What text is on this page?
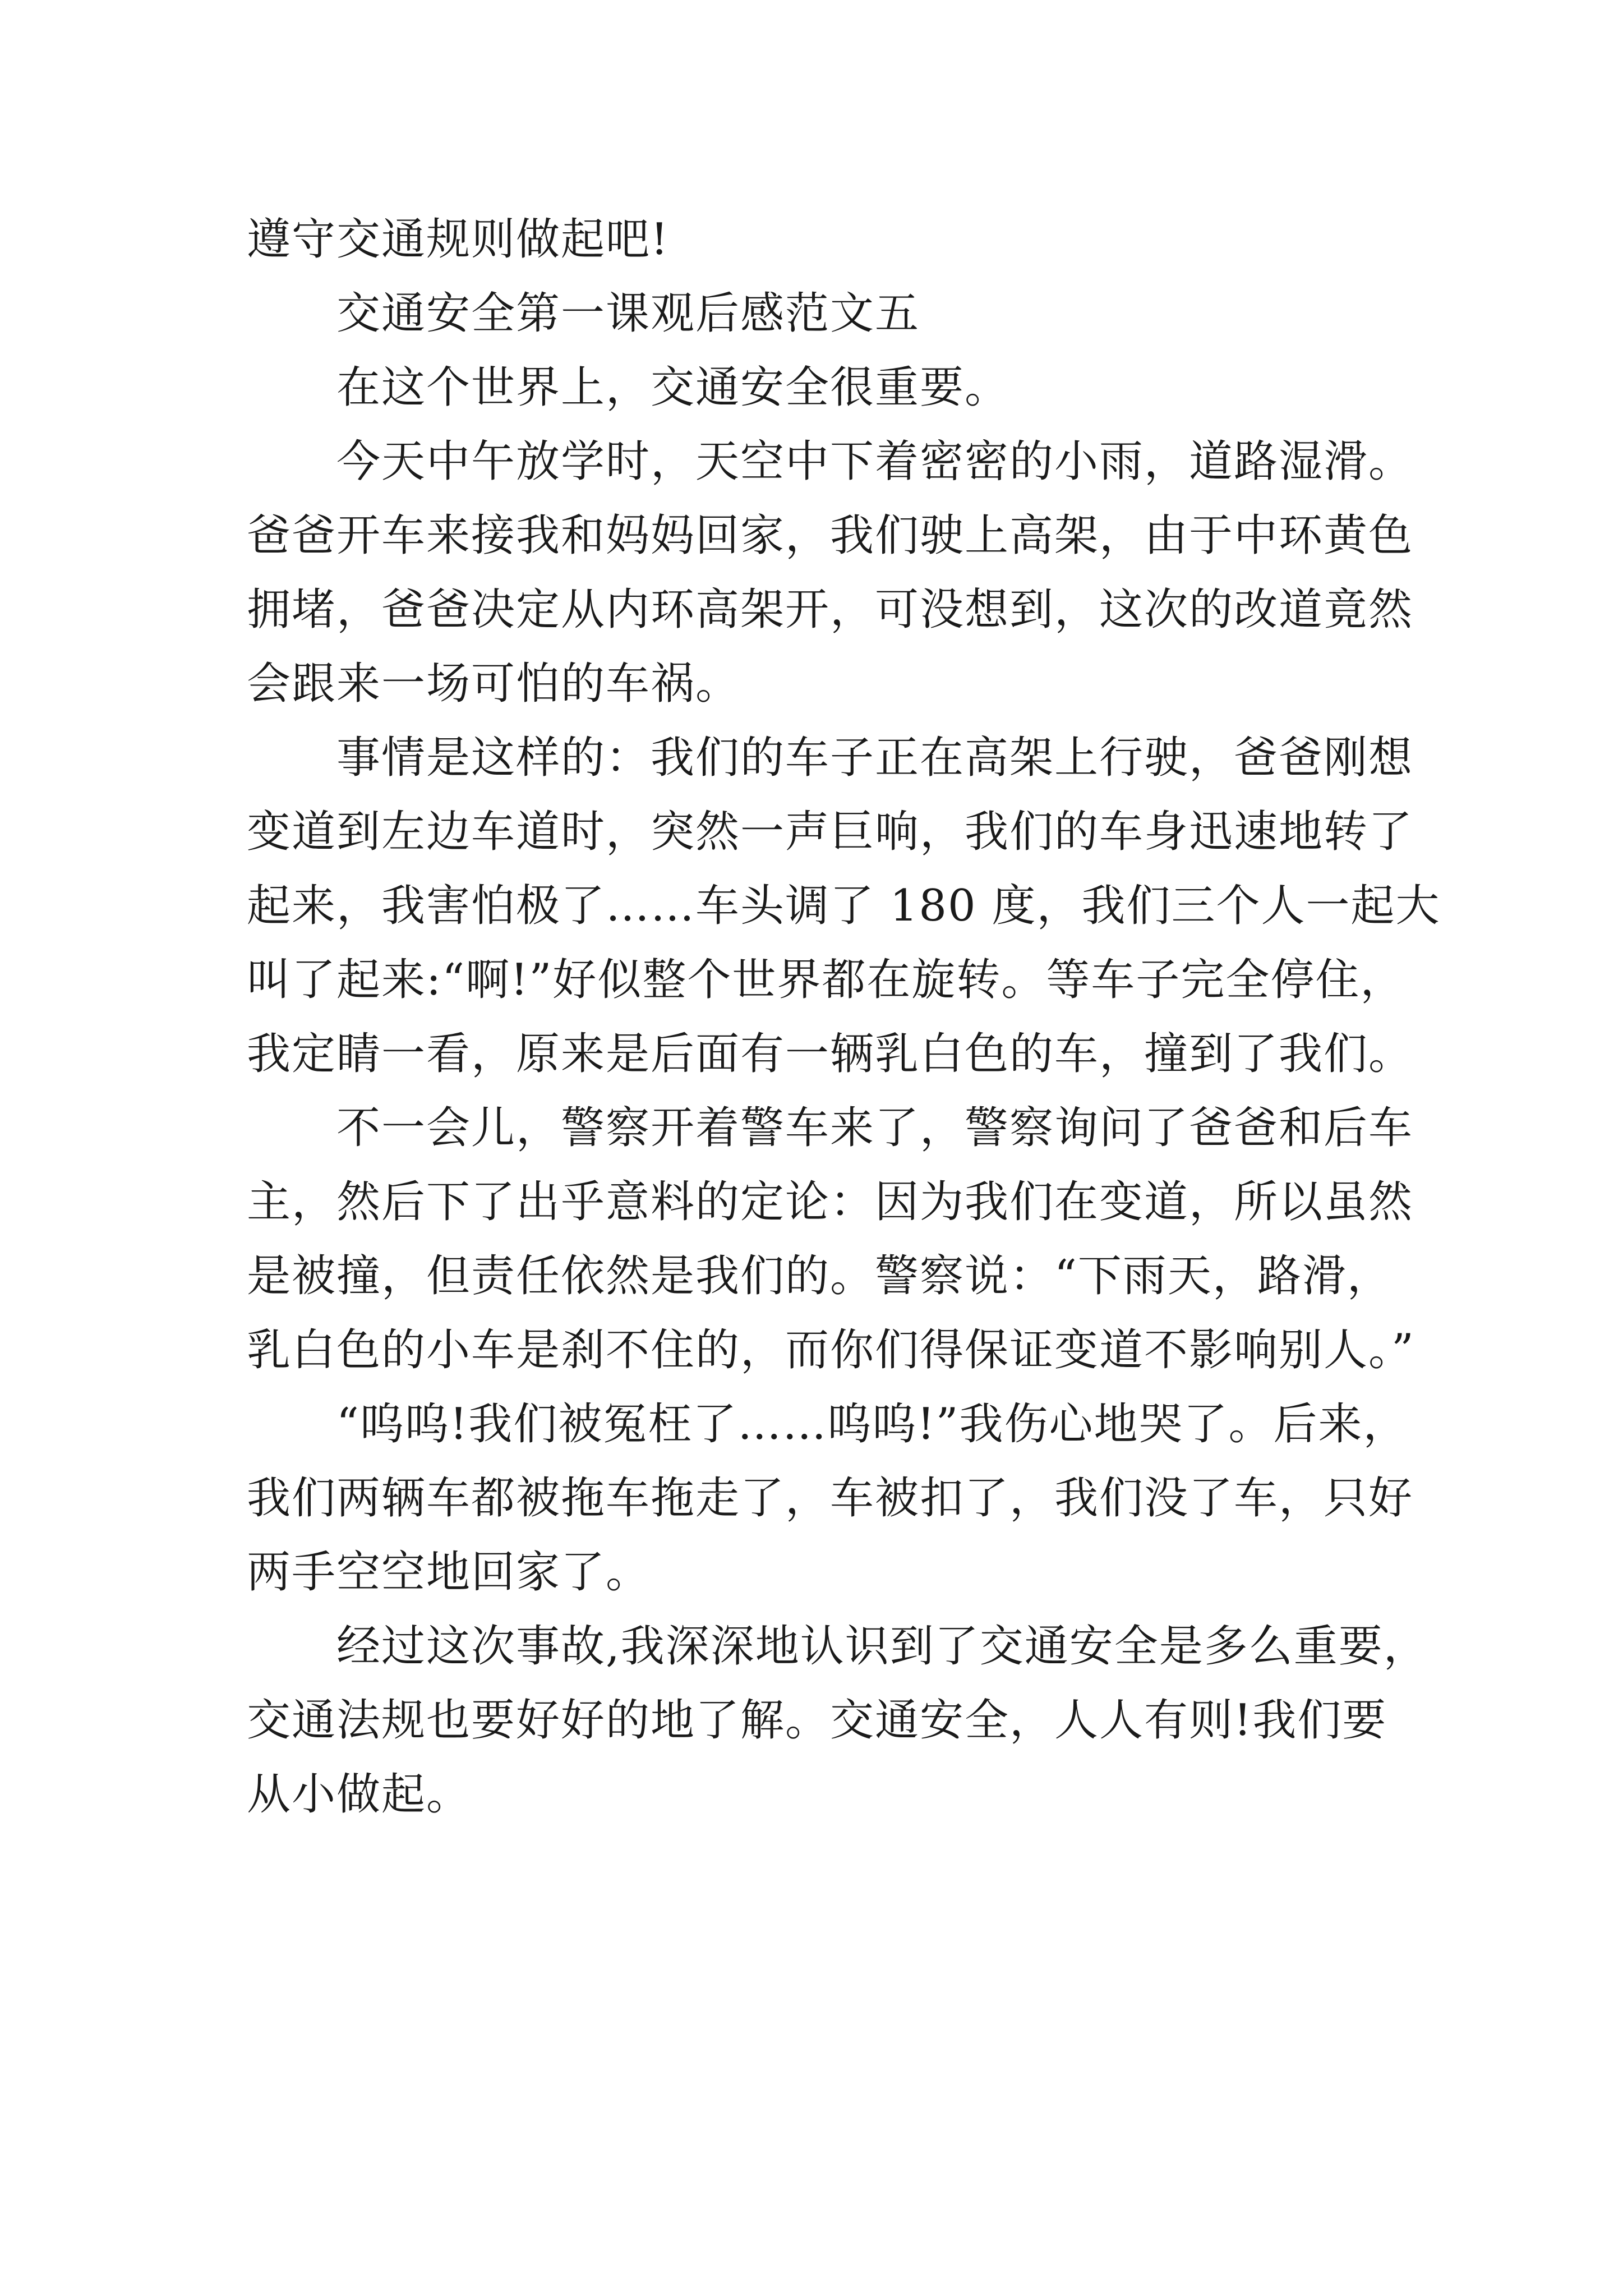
遵守交通规则做起吧!
交通安全第一课观后感范文五
在这个世界上，交通安全很重要。
今天中午放学时，天空中下着密密的小雨，道路湿滑。
爸爸开车来接我和妈妈回家，我们驶上高架，由于中环黄色
拥堵，爸爸决定从内环高架开，可没想到，这次的改道竟然
会跟来一场可怕的车祸。
事情是这样的：我们的车子正在高架上行驶，爸爸刚想
变道到左边车道时，突然一声巨响，我们的车身迅速地转了
起来，我害怕极了……车头调了 180 度，我们三个人一起大
叫了起来:“啊!”好似整个世界都在旋转。等车子完全停住，
我定睛一看，原来是后面有一辆乳白色的车，撞到了我们。
不一会儿，警察开着警车来了，警察询问了爸爸和后车
主，然后下了出乎意料的定论：因为我们在变道，所以虽然
是被撞，但责任依然是我们的。警察说：“下雨天，路滑，
乳白色的小车是刹不住的，而你们得保证变道不影响别人。”
“呜呜!我们被冤枉了……呜呜!”我伤心地哭了。后来，
我们两辆车都被拖车拖走了，车被扣了，我们没了车，只好
两手空空地回家了。
经过这次事故,我深深地认识到了交通安全是多么重要，
交通法规也要好好的地了解。交通安全，人人有则!我们要
从小做起。
